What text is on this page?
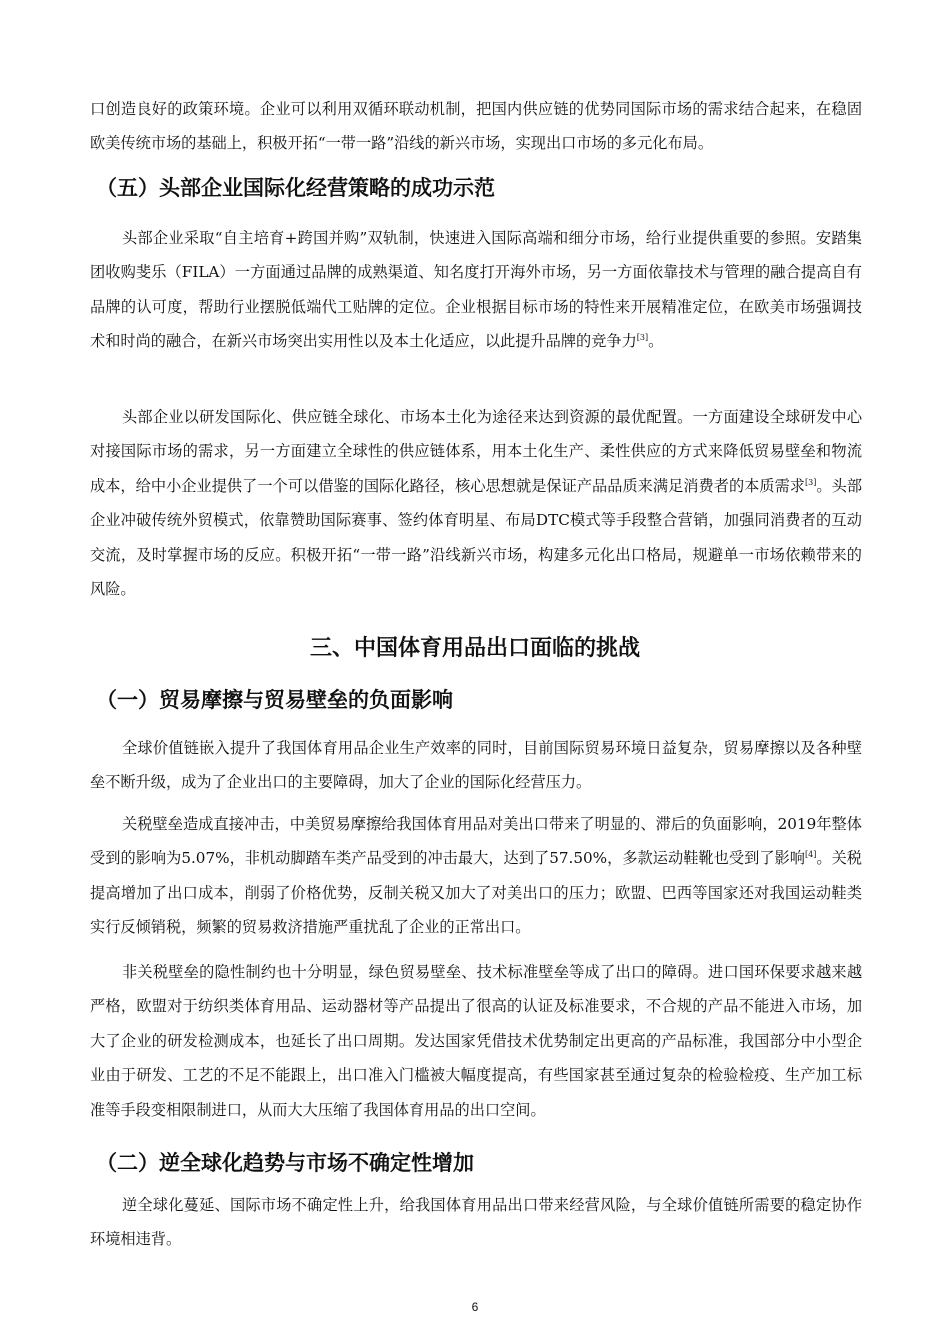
口创造良好的政策环境。企业可以利用双循环联动机制，把国内供应链的优势同国际市场的需求结合起来，在稳固欧美传统市场的基础上，积极开拓“一带一路”沿线的新兴市场，实现出口市场的多元化布局。

（五）头部企业国际化经营策略的成功示范

头部企业采取“自主培育+跨国并购”双轨制，快速进入国际高端和细分市场，给行业提供重要的参照。安踏集团收购斐乐（FILA）一方面通过品牌的成熟渠道、知名度打开海外市场，另一方面依靠技术与管理的融合提高自有品牌的认可度，帮助行业摆脱低端代工贴牌的定位。企业根据目标市场的特性来开展精准定位，在欧美市场强调技术和时尚的融合，在新兴市场突出实用性以及本土化适应，以此提升品牌的竞争力[3]。

头部企业以研发国际化、供应链全球化、市场本土化为途径来达到资源的最优配置。一方面建设全球研发中心对接国际市场的需求，另一方面建立全球性的供应链体系，用本土化生产、柔性供应的方式来降低贸易壁垒和物流成本，给中小企业提供了一个可以借鉴的国际化路径，核心思想就是保证产品品质来满足消费者的本质需求[3]。头部企业冲破传统外贸模式，依靠赞助国际赛事、签约体育明星、布局DTC模式等手段整合营销，加强同消费者的互动交流，及时掌握市场的反应。积极开拓“一带一路”沿线新兴市场，构建多元化出口格局，规避单一市场依赖带来的风险。

三、中国体育用品出口面临的挑战
（一）贸易摩擦与贸易壁垒的负面影响

全球价值链嵌入提升了我国体育用品企业生产效率的同时，目前国际贸易环境日益复杂，贸易摩擦以及各种壁垒不断升级，成为了企业出口的主要障碍，加大了企业的国际化经营压力。

关税壁垒造成直接冲击，中美贸易摩擦给我国体育用品对美出口带来了明显的、滞后的负面影响，2019年整体受到的影响为5.07%，非机动脚踏车类产品受到的冲击最大，达到了57.50%，多款运动鞋靴也受到了影响[4]。关税提高增加了出口成本，削弱了价格优势，反制关税又加大了对美出口的压力；欧盟、巴西等国家还对我国运动鞋类实行反倾销税，频繁的贸易救济措施严重扰乱了企业的正常出口。

非关税壁垒的隐性制约也十分明显，绿色贸易壁垒、技术标准壁垒等成了出口的障碍。进口国环保要求越来越严格，欧盟对于纺织类体育用品、运动器材等产品提出了很高的认证及标准要求，不合规的产品不能进入市场，加大了企业的研发检测成本，也延长了出口周期。发达国家凭借技术优势制定出更高的产品标准，我国部分中小型企业由于研发、工艺的不足不能跟上，出口准入门槛被大幅度提高，有些国家甚至通过复杂的检验检疫、生产加工标准等手段变相限制进口，从而大大压缩了我国体育用品的出口空间。

（二）逆全球化趋势与市场不确定性增加

逆全球化蔓延、国际市场不确定性上升，给我国体育用品出口带来经营风险，与全球价值链所需要的稳定协作环境相违背。

6
